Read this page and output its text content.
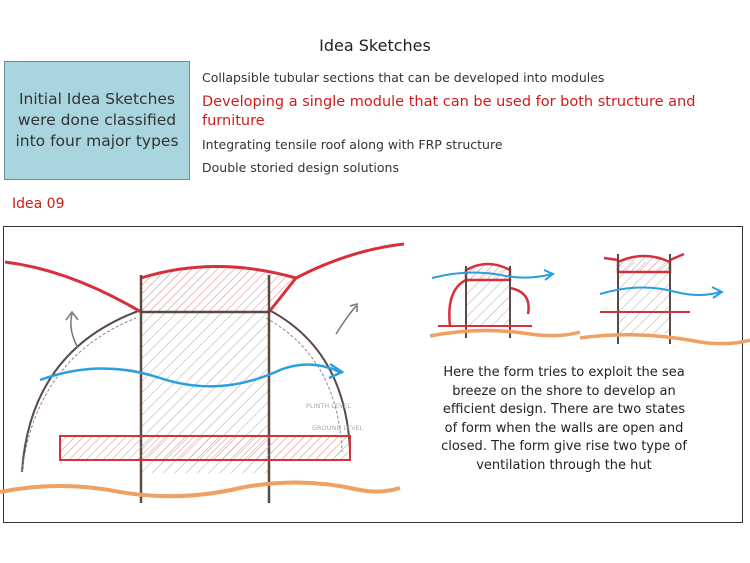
Idea Sketches
Initial Idea Sketches were done classified into four major types
Collapsible tubular sections that can be developed into modules
Developing a single module that can be used for both structure and furniture
Integrating tensile roof along with FRP structure
Double storied design solutions
Idea 09
PLINTH LEVEL
GROUND LEVEL
Here the form tries to exploit the sea breeze on the shore to develop an efficient design. There are two states of form when the walls are open and closed. The form give rise two type of ventilation through the hut
